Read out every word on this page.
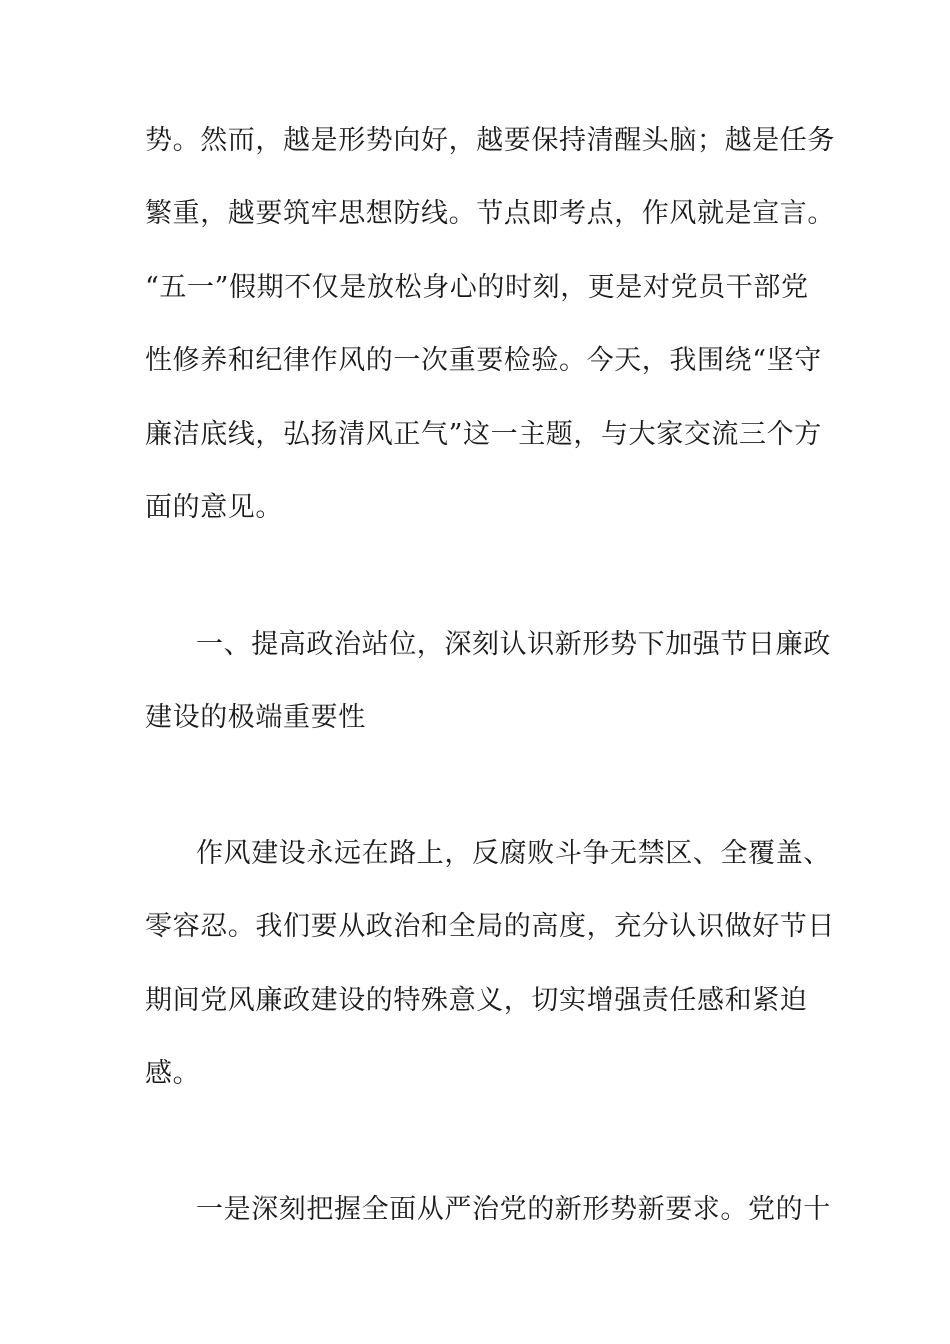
势。然而，越是形势向好，越要保持清醒头脑；越是任务
繁重，越要筑牢思想防线。节点即考点，作风就是宣言。
“五一”假期不仅是放松身心的时刻，更是对党员干部党
性修养和纪律作风的一次重要检验。今天，我围绕“坚守
廉洁底线，弘扬清风正气”这一主题，与大家交流三个方
面的意见。
一、提高政治站位，深刻认识新形势下加强节日廉政
建设的极端重要性
作风建设永远在路上，反腐败斗争无禁区、全覆盖、
零容忍。我们要从政治和全局的高度，充分认识做好节日
期间党风廉政建设的特殊意义，切实增强责任感和紧迫
感。
一是深刻把握全面从严治党的新形势新要求。党的十
